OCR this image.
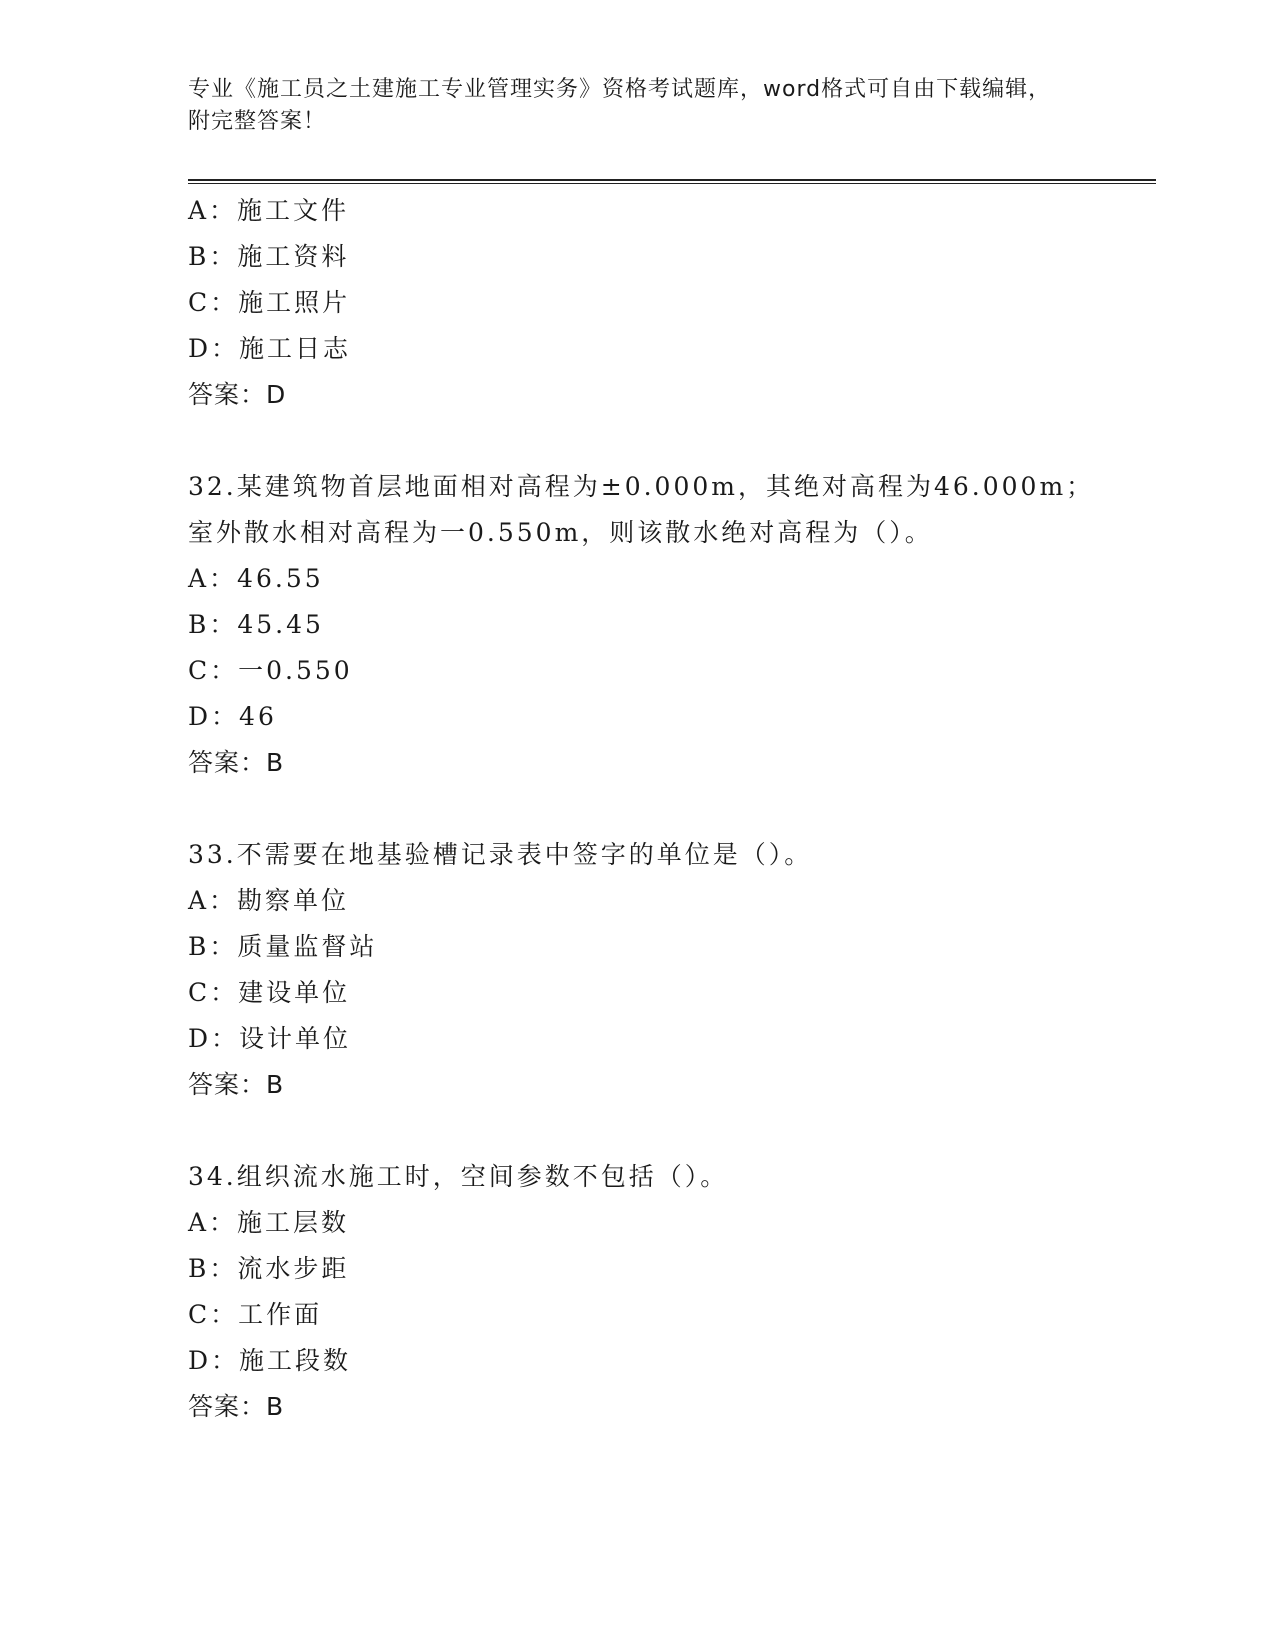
专业《施工员之土建施工专业管理实务》资格考试题库，word格式可自由下载编辑，附完整答案！
A：施工文件
B：施工资料
C：施工照片
D：施工日志
答案：D
32.某建筑物首层地面相对高程为±0.000m，其绝对高程为46.000m；
室外散水相对高程为一0.550m，则该散水绝对高程为（）。
A：46.55
B：45.45
C：一0.550
D：46
答案：B
33.不需要在地基验槽记录表中签字的单位是（）。
A：勘察单位
B：质量监督站
C：建设单位
D：设计单位
答案：B
34.组织流水施工时，空间参数不包括（）。
A：施工层数
B：流水步距
C：工作面
D：施工段数
答案：B
